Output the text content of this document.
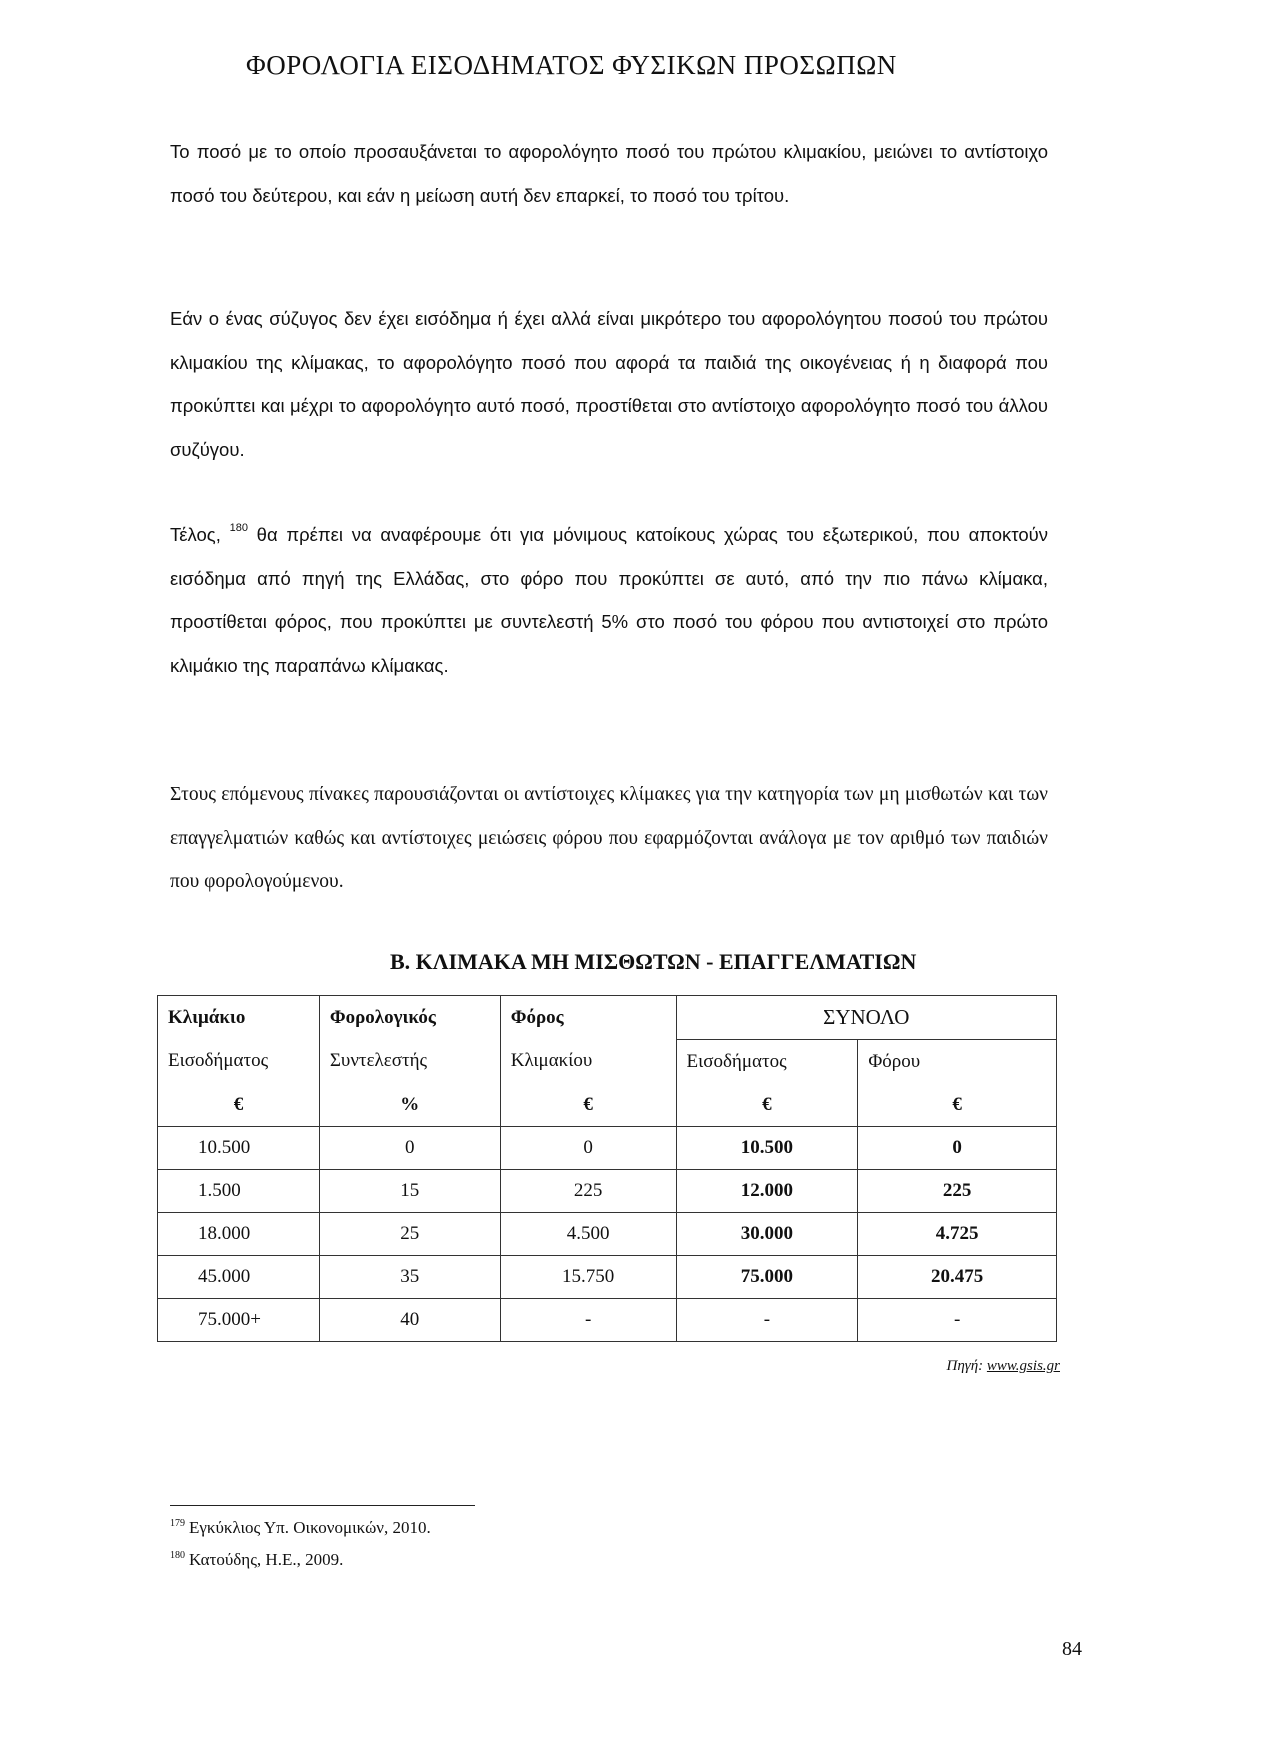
ΦΟΡΟΛΟΓΙΑ ΕΙΣΟΔΗΜΑΤΟΣ ΦΥΣΙΚΩΝ ΠΡΟΣΩΠΩΝ

Το ποσό με το οποίο προσαυξάνεται το αφορολόγητο ποσό του πρώτου κλιμακίου, μειώνει το αντίστοιχο ποσό του δεύτερου, και εάν η μείωση αυτή δεν επαρκεί, το ποσό του τρίτου.

Εάν ο ένας σύζυγος δεν έχει εισόδημα ή έχει αλλά είναι μικρότερο του αφορολόγητου ποσού του πρώτου κλιμακίου της κλίμακας, το αφορολόγητο ποσό που αφορά τα παιδιά της οικογένειας ή η διαφορά που προκύπτει και μέχρι το αφορολόγητο αυτό ποσό, προστίθεται στο αντίστοιχο αφορολόγητο ποσό του άλλου συζύγου.

Τέλος, $^{180}$ θα πρέπει να αναφέρουμε ότι για μόνιμους κατοίκους χώρας του εξωτερικού, που αποκτούν εισόδημα από πηγή της Ελλάδας, στο φόρο που προκύπτει σε αυτό, από την πιο πάνω κλίμακα, προστίθεται φόρος, που προκύπτει με συντελεστή 5% στο ποσό του φόρου που αντιστοιχεί στο πρώτο κλιμάκιο της παραπάνω κλίμακας.

Στους επόμενους πίνακες παρουσιάζονται οι αντίστοιχες κλίμακες για την κατηγορία των μη μισθωτών και των επαγγελματιών καθώς και αντίστοιχες μειώσεις φόρου που εφαρμόζονται ανάλογα με τον αριθμό των παιδιών που φορολογούμενου.

Β. ΚΛΙΜΑΚΑ ΜΗ ΜΙΣΘΩΤΩΝ - ΕΠΑΓΓΕΛΜΑΤΙΩΝ
Κλιμάκιο	Φορολογικός	Φόρος	ΣΥΝΟΛΟ	
Εισοδήματος	Συντελεστής	Κλιμακίου	Εισοδήματος	Φόρου
€	%	€	€	€
10.500	0	0	10.500	0
1.500	15	225	12.000	225
18.000	25	4.500	30.000	4.725
45.000	35	15.750	75.000	20.475
75.000+	40	-	-	-
Πηγή: www.gsis.gr
$^{179}$ Εγκύκλιος Υπ. Οικονομικών, 2010.
$^{180}$ Κατούδης, Η.Ε., 2009.
84
